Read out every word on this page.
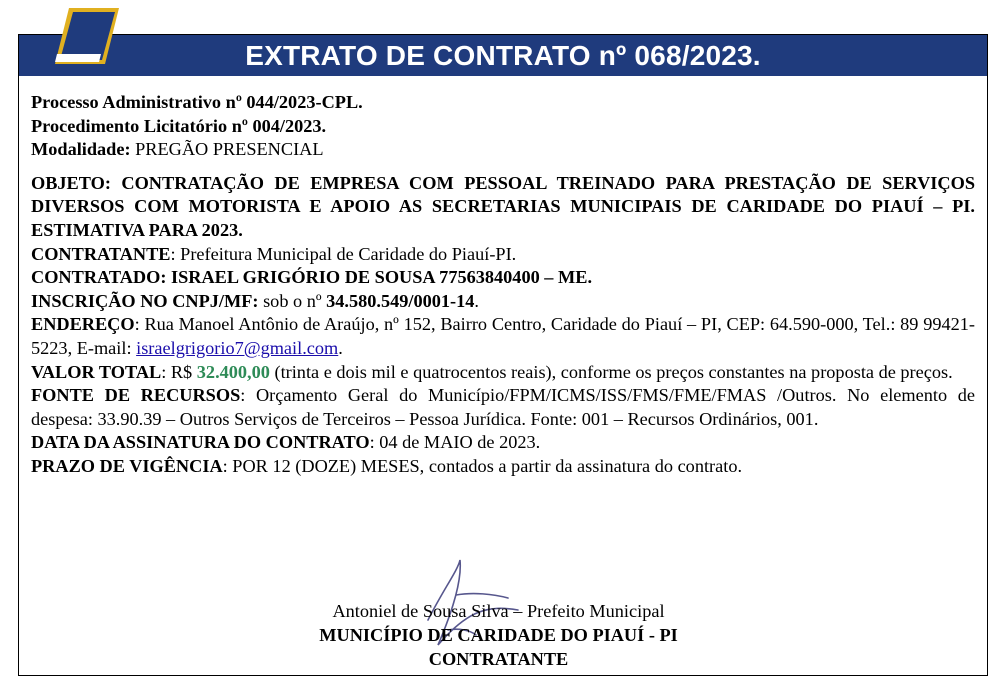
EXTRATO DE CONTRATO nº 068/2023.

Processo Administrativo nº 044/2023-CPL.

Procedimento Licitatório nº 004/2023.

Modalidade: PREGÃO PRESENCIAL

OBJETO: CONTRATAÇÃO DE EMPRESA COM PESSOAL TREINADO PARA PRESTAÇÃO DE SERVIÇOS DIVERSOS COM MOTORISTA E APOIO AS SECRETARIAS MUNICIPAIS DE CARIDADE DO PIAUÍ – PI. ESTIMATIVA PARA 2023.

CONTRATANTE: Prefeitura Municipal de Caridade do Piauí-PI.

CONTRATADO: ISRAEL GRIGÓRIO DE SOUSA 77563840400 – ME.

INSCRIÇÃO NO CNPJ/MF: sob o nº 34.580.549/0001-14.

ENDEREÇO: Rua Manoel Antônio de Araújo, nº 152, Bairro Centro, Caridade do Piauí – PI, CEP: 64.590-000, Tel.: 89 99421-5223, E-mail: israelgrigorio7@gmail.com.

VALOR TOTAL: R$ 32.400,00 (trinta e dois mil e quatrocentos reais), conforme os preços constantes na proposta de preços.

FONTE DE RECURSOS: Orçamento Geral do Município/FPM/ICMS/ISS/FMS/FME/FMAS /Outros. No elemento de despesa: 33.90.39 – Outros Serviços de Terceiros – Pessoa Jurídica. Fonte: 001 – Recursos Ordinários, 001.

DATA DA ASSINATURA DO CONTRATO: 04 de MAIO de 2023.

PRAZO DE VIGÊNCIA: POR 12 (DOZE) MESES, contados a partir da assinatura do contrato.

Antoniel de Sousa Silva – Prefeito Municipal
MUNICÍPIO DE CARIDADE DO PIAUÍ - PI
CONTRATANTE
